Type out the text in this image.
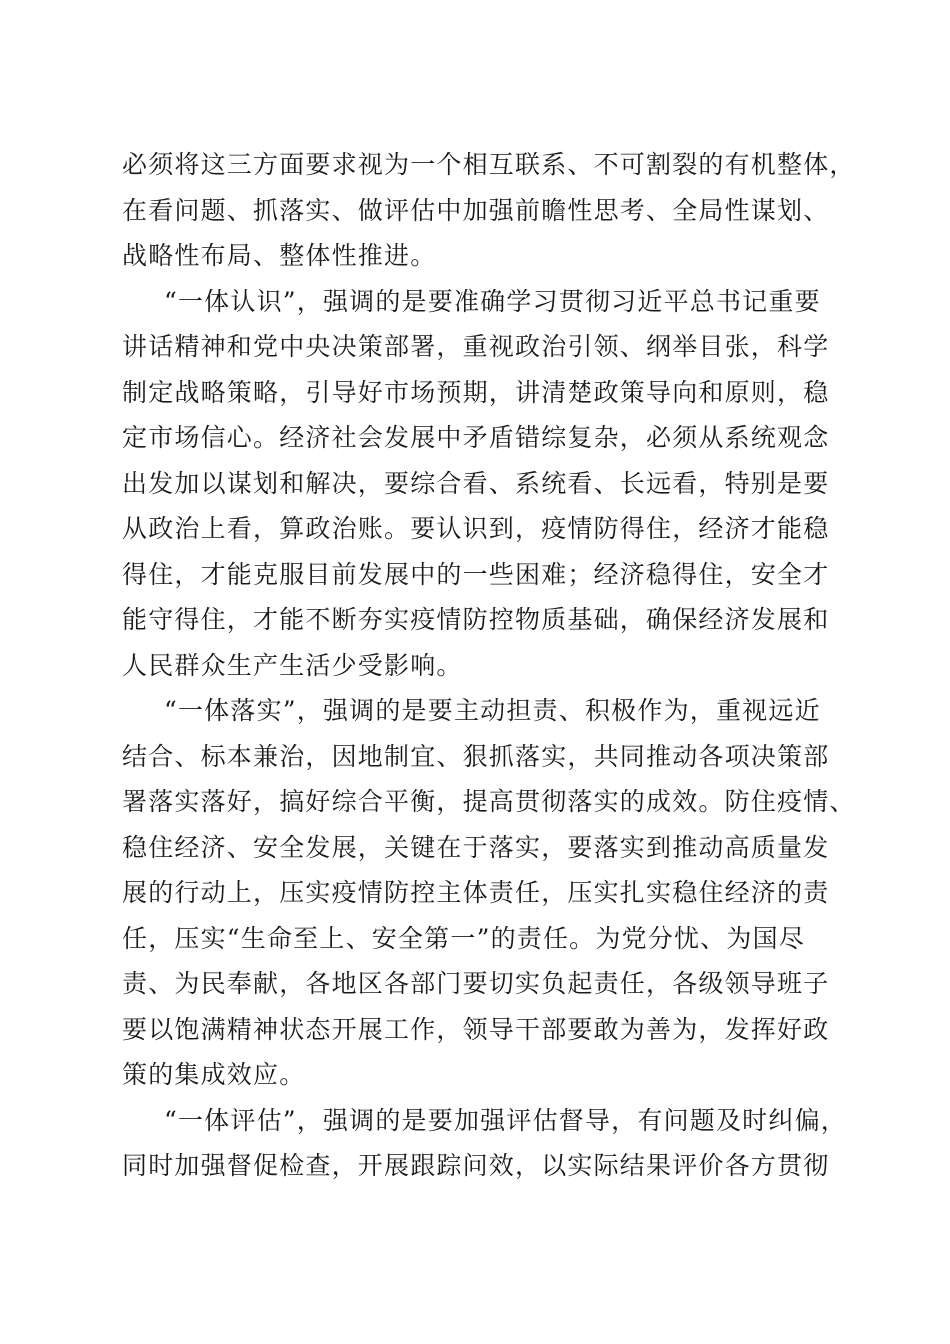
必须将这三方面要求视为一个相互联系、不可割裂的有机整体，
在看问题、抓落实、做评估中加强前瞻性思考、全局性谋划、
战略性布局、整体性推进。
“一体认识”，强调的是要准确学习贯彻习近平总书记重要
讲话精神和党中央决策部署，重视政治引领、纲举目张，科学
制定战略策略，引导好市场预期，讲清楚政策导向和原则，稳
定市场信心。经济社会发展中矛盾错综复杂，必须从系统观念
出发加以谋划和解决，要综合看、系统看、长远看，特别是要
从政治上看，算政治账。要认识到，疫情防得住，经济才能稳
得住，才能克服目前发展中的一些困难；经济稳得住，安全才
能守得住，才能不断夯实疫情防控物质基础，确保经济发展和
人民群众生产生活少受影响。
“一体落实”，强调的是要主动担责、积极作为，重视远近
结合、标本兼治，因地制宜、狠抓落实，共同推动各项决策部
署落实落好，搞好综合平衡，提高贯彻落实的成效。防住疫情、
稳住经济、安全发展，关键在于落实，要落实到推动高质量发
展的行动上，压实疫情防控主体责任，压实扎实稳住经济的责
任，压实“生命至上、安全第一”的责任。为党分忧、为国尽
责、为民奉献，各地区各部门要切实负起责任，各级领导班子
要以饱满精神状态开展工作，领导干部要敢为善为，发挥好政
策的集成效应。
“一体评估”，强调的是要加强评估督导，有问题及时纠偏，
同时加强督促检查，开展跟踪问效，以实际结果评价各方贯彻
